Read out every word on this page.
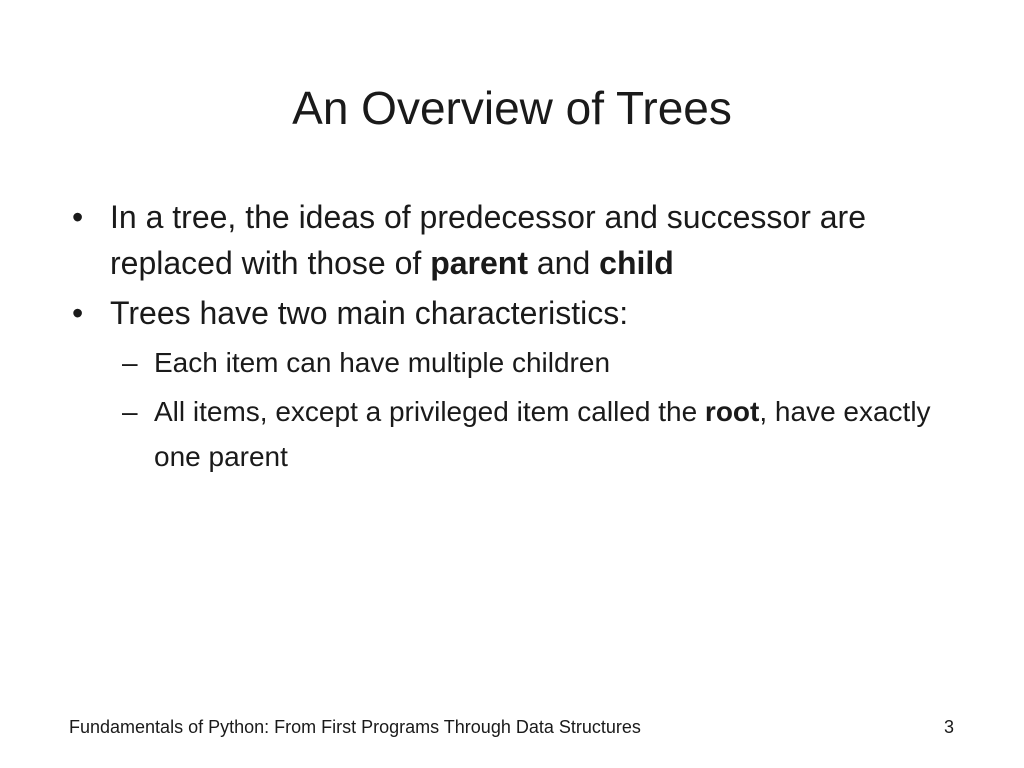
An Overview of Trees
• In a tree, the ideas of predecessor and successor are replaced with those of parent and child
• Trees have two main characteristics:
– Each item can have multiple children
– All items, except a privileged item called the root, have exactly one parent
Fundamentals of Python: From First Programs Through Data Structures	3
